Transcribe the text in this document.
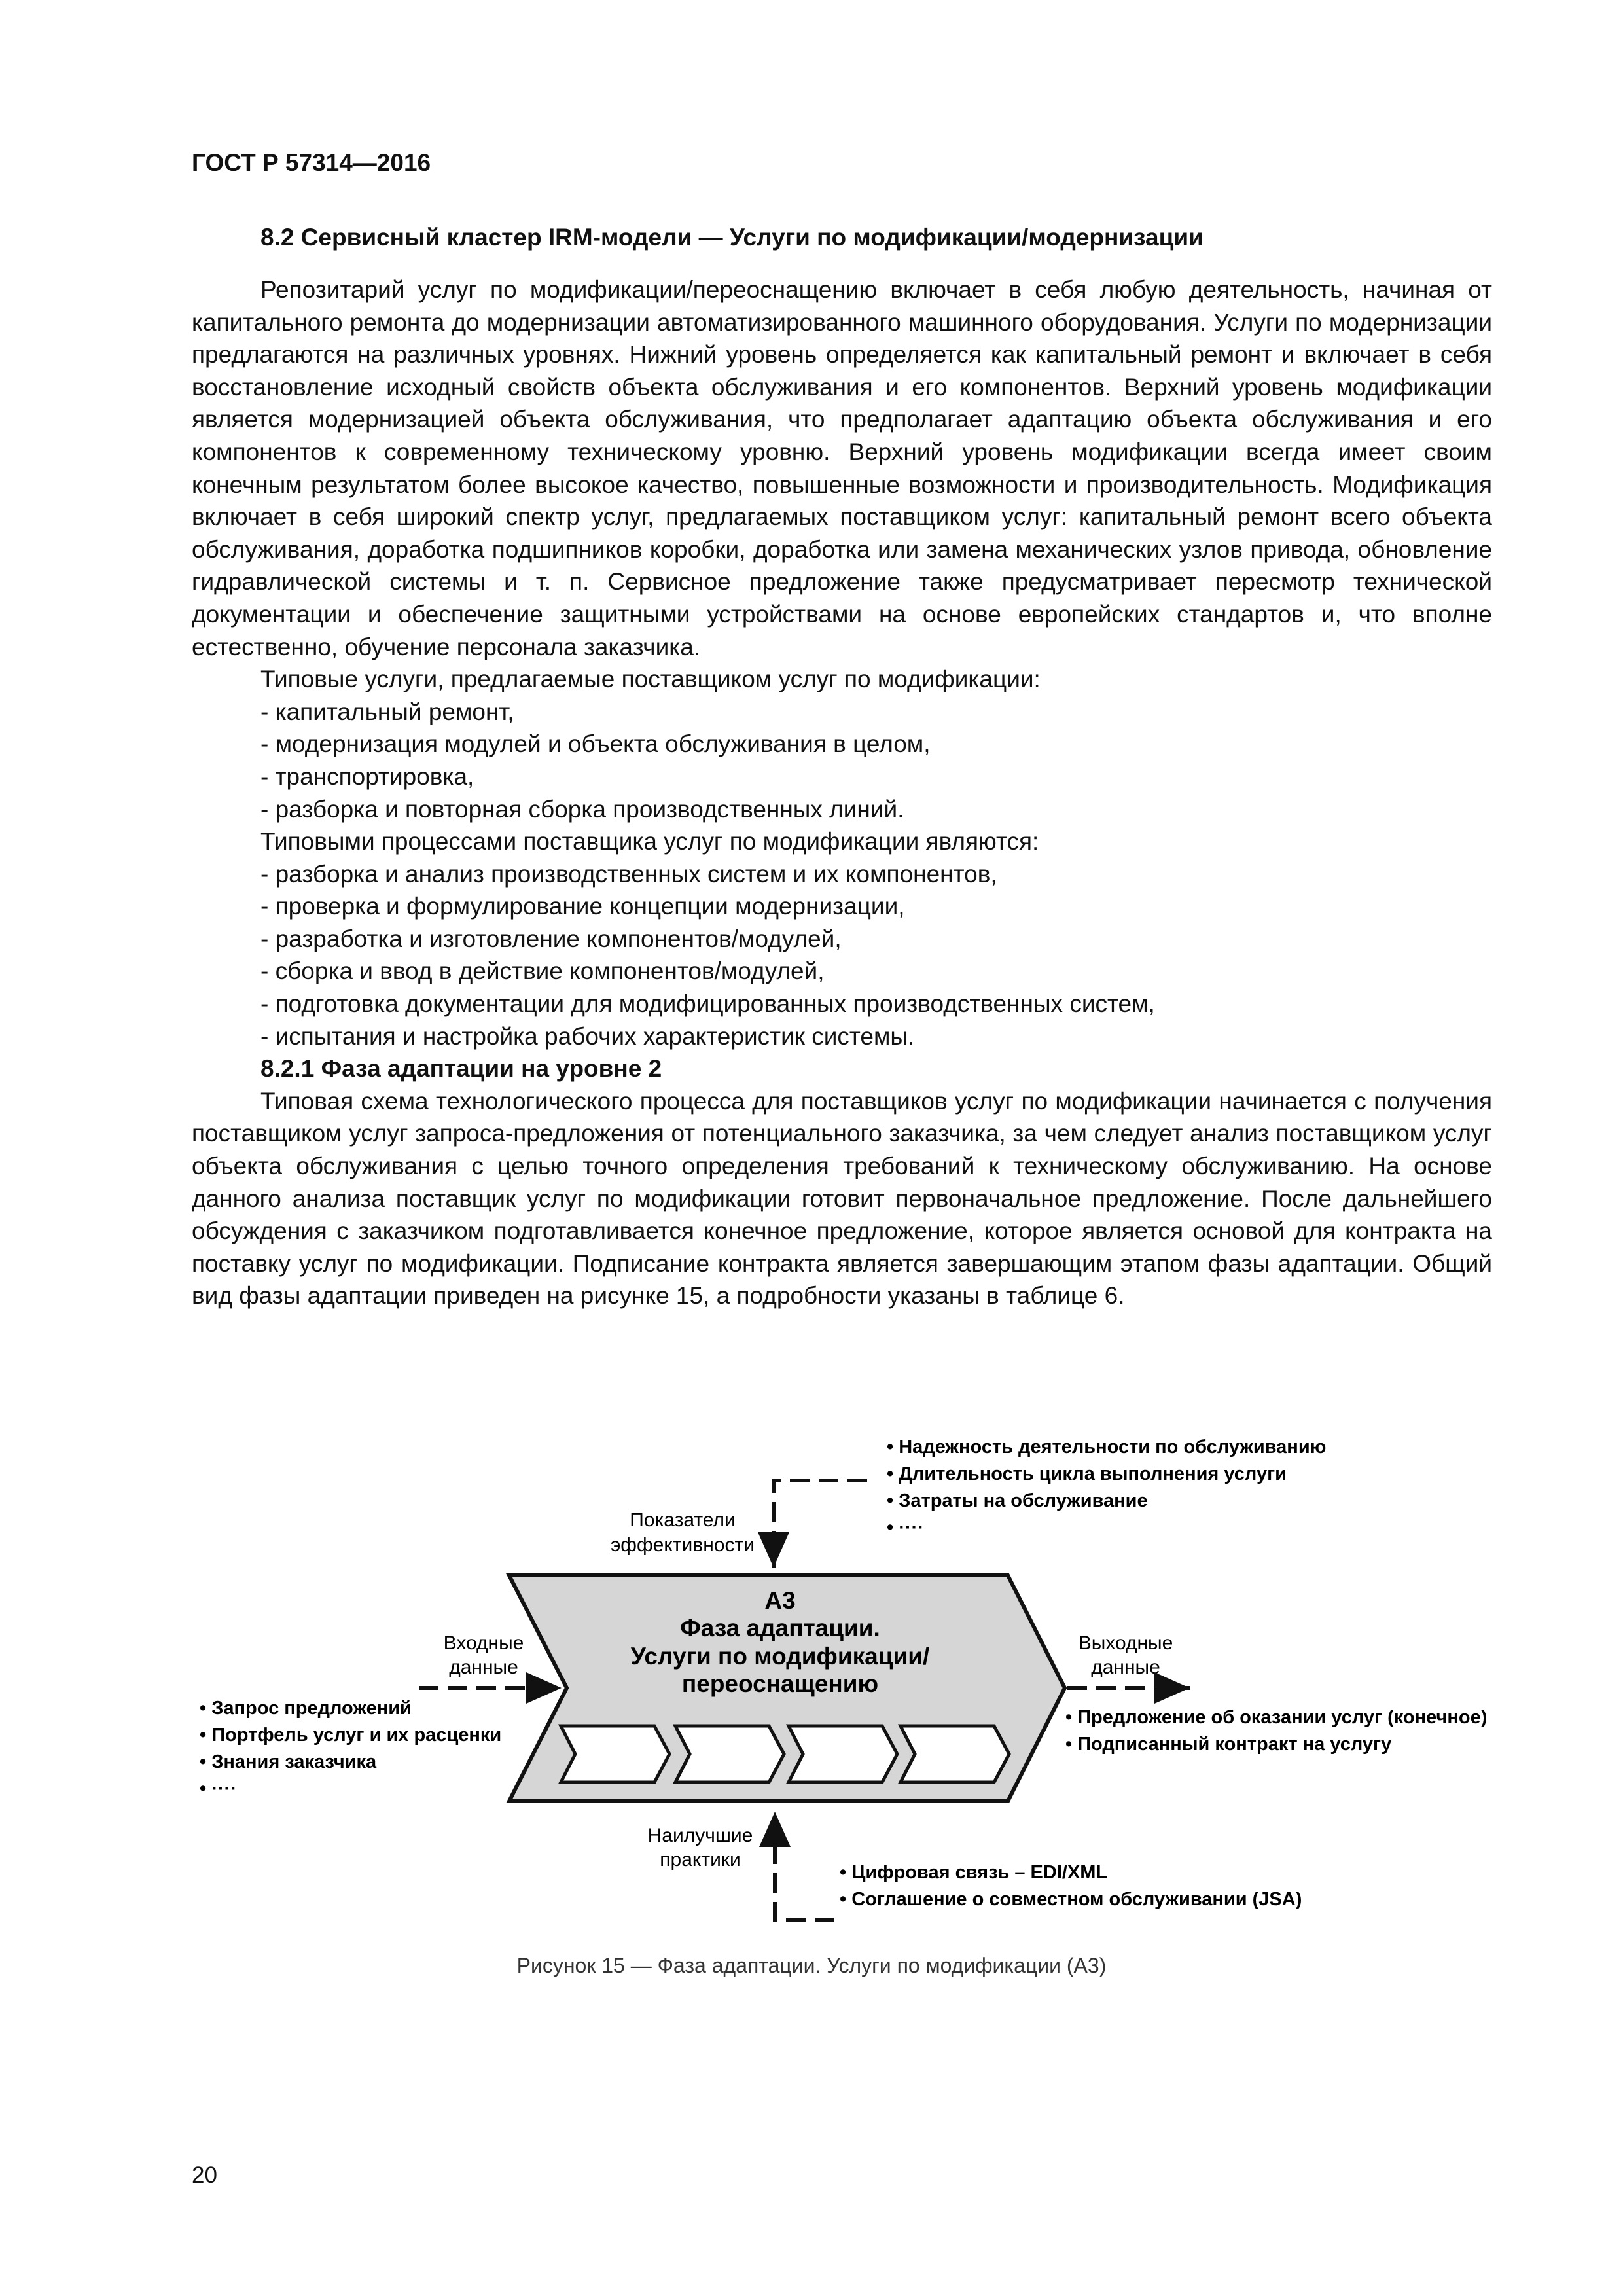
ГОСТ Р 57314—2016
8.2 Сервисный кластер IRM-модели — Услуги по модификации/модернизации

Репозитарий услуг по модификации/переоснащению включает в себя любую деятельность, начиная от капитального ремонта до модернизации автоматизированного машинного оборудования. Услуги по модернизации предлагаются на различных уровнях. Нижний уровень определяется как капитальный ремонт и включает в себя восстановление исходный свойств объекта обслуживания и его компонентов. Верхний уровень модификации является модернизацией объекта обслуживания, что предполагает адаптацию объекта обслуживания и его компонентов к современному техническому уровню. Верхний уровень модификации всегда имеет своим конечным результатом более высокое качество, повышенные возможности и производительность. Модификация включает в себя широкий спектр услуг, предлагаемых поставщиком услуг: капитальный ремонт всего объекта обслуживания, доработка подшипников коробки, доработка или замена механических узлов привода, обновление гидравлической системы и т. п. Сервисное предложение также предусматривает пересмотр технической документации и обеспечение защитными устройствами на основе европейских стандартов и, что вполне естественно, обучение персонала заказчика.

Типовые услуги, предлагаемые поставщиком услуг по модификации:

- капитальный ремонт,

- модернизация модулей и объекта обслуживания в целом,

- транспортировка,

- разборка и повторная сборка производственных линий.

Типовыми процессами поставщика услуг по модификации являются:

- разборка и анализ производственных систем и их компонентов,

- проверка и формулирование концепции модернизации,

- разработка и изготовление компонентов/модулей,

- сборка и ввод в действие компонентов/модулей,

- подготовка документации для модифицированных производственных систем,

- испытания и настройка рабочих характеристик системы.

8.2.1 Фаза адаптации на уровне 2

Типовая схема технологического процесса для поставщиков услуг по модификации начинается с получения поставщиком услуг запроса-предложения от потенциального заказчика, за чем следует анализ поставщиком услуг объекта обслуживания с целью точного определения требований к техническому обслуживанию. На основе данного анализа поставщик услуг по модификации готовит первоначальное предложение. После дальнейшего обсуждения с заказчиком подготавливается конечное предложение, которое является основой для контракта на поставку услуг по модификации. Подписание контракта является завершающим этапом фазы адаптации. Общий вид фазы адаптации приведен на рисунке 15, а подробности указаны в таблице 6.

• Надежность деятельности по обслуживанию
• Длительность цикла выполнения услуги
• Затраты на обслуживание
• ····
Показатели
эффективности
A3
Фаза адаптации.
Услуги по модификации/
переоснащению
Входные
данные
• Запрос предложений
• Портфель услуг и их расценки
• Знания заказчика
• ····
Выходные
данные
• Предложение об оказании услуг (конечное)
• Подписанный контракт на услугу
Наилучшие
практики
• Цифровая связь – EDI/XML
• Соглашение о совместном обслуживании (JSA)
Рисунок 15 — Фаза адаптации. Услуги по модификации (A3)
20
